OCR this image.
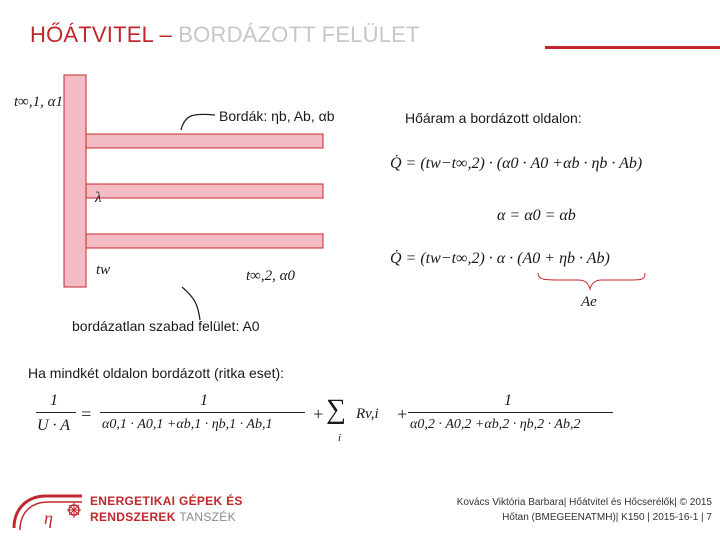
HŐÁTVITEL – BORDÁZOTT FELÜLET
t∞,1, α1
Bordák: ηb, Ab, αb
λ
tw	t∞,2, α0
bordázatlan szabad felület: A0
Hőáram a bordázott oldalon:
Q̇ = (tw−t∞,2) · (α0 · A0 +αb · ηb · Ab)
α = α0 = αb
Q̇ = (tw−t∞,2) · α · (A0 + ηb · Ab)
Ae
Ha mindkét oldalon bordázott (ritka eset):
1
U · A
=
1
α0,1 · A0,1 +αb,1 · ηb,1 · Ab,1
+ ∑
i
Rv,i +
1
α0,2 · A0,2 +αb,2 · ηb,2 · Ab,2
η
ENERGETIKAI GÉPEK ÉS
RENDSZEREK TANSZÉK
Kovács Viktória Barbara| Hőátvitel és Hőcserélők| © 2015
Hőtan (BMEGEENATMH)| K150 | 2015-16-1 | 7
